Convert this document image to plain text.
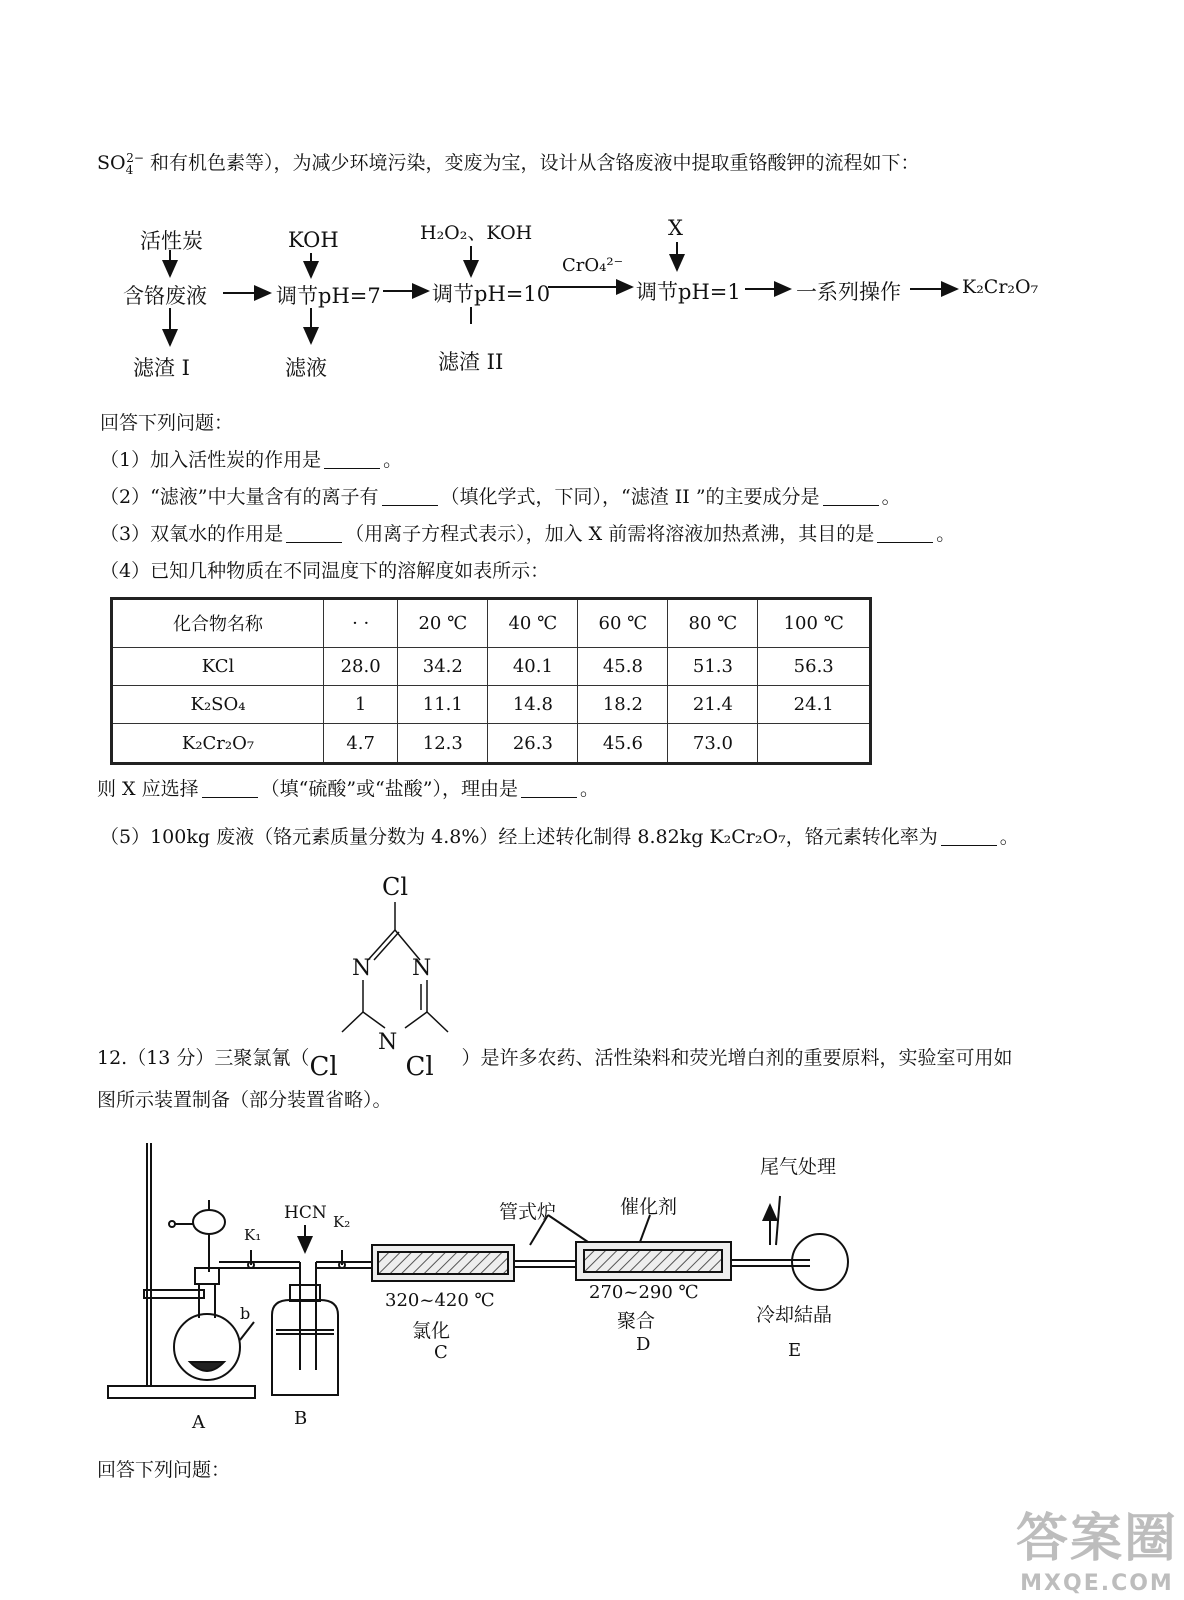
$SO_4^{2-}$ 和有机色素等），为减少环境污染，变废为宝，设计从含铬废液中提取重铬酸钾的流程如下：
活性炭	KOH	H₂O₂、KOH	X
含铬废液	调节pH=7 调节pH=10
CrO₄²⁻
调节pH=1	一系列操作	K₂Cr₂O₇
滤渣 I	滤液	滤渣 II
回答下列问题：
（1）加入活性炭的作用是	。
（2）“滤液”中大量含有的离子有	（填化学式，下同），“滤渣 II ”的主要成分是	。
（3）双氧水的作用是	（用离子方程式表示），加入 X 前需将溶液加热煮沸，其目的是	。
（4）已知几种物质在不同温度下的溶解度如表所示：
化合物名称	· ·	20 ℃	40 ℃	60 ℃	80 ℃	100 ℃
KCl	28.0	34.2	40.1	45.8	51.3	56.3
K₂SO₄	1	11.1	14.8	18.2	21.4	24.1
K₂Cr₂O₇	4.7	12.3	26.3	45.6	73.0	
则 X 应选择	（填“硫酸”或“盐酸”），理由是	。
（5）100kg 废液（铬元素质量分数为 4.8%）经上述转化制得 8.82kg K₂Cr₂O₇，铬元素转化率为	。
Cl
N N
N
12.（13 分）三聚氯氰（ Cl	Cl ）是许多农药、活性染料和荧光增白剂的重要原料，实验室可用如
图所示装置制备（部分装置省略）。
尾气处理
管式炉	催化剂
HCN
K₁
K₂
b
320~420 ℃
氯化
270~290 ℃
聚合	冷却結晶
A	B
C	D	E
回答下列问题：
答案圈
MXQE.COM
